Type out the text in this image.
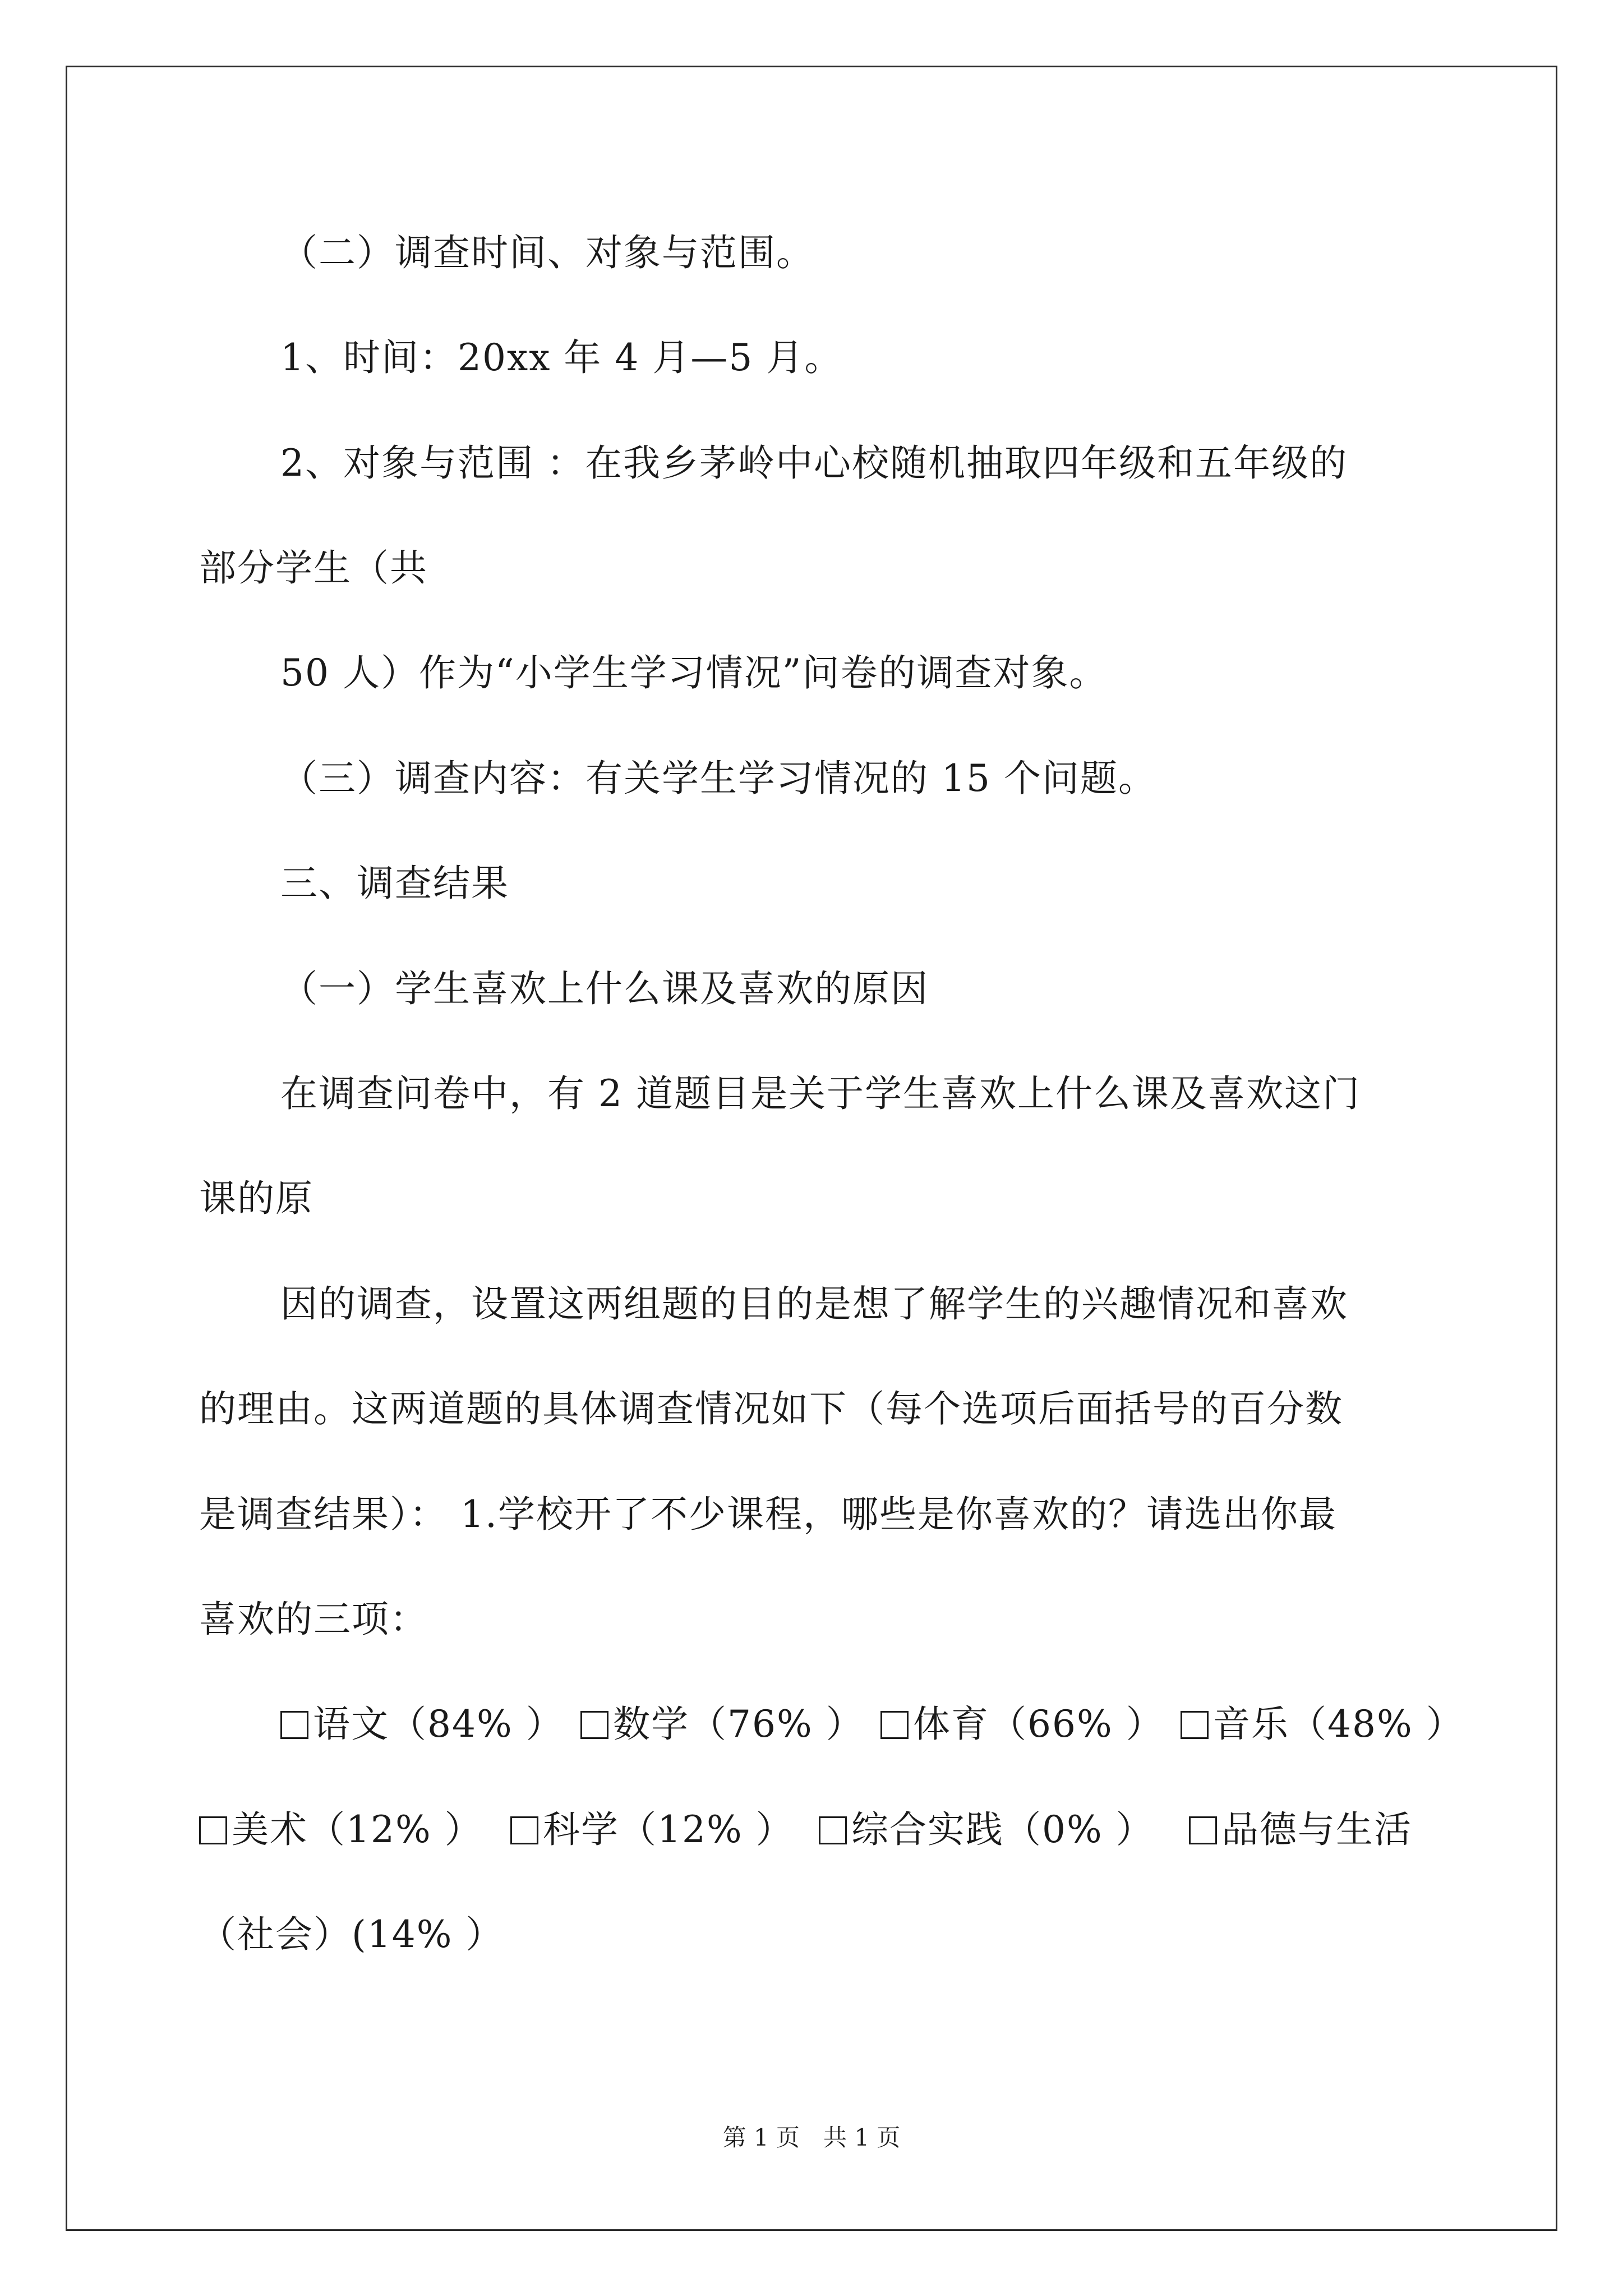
（二）调查时间、对象与范围。
1、时间：20xx 年 4 月—5 月。
2、对象与范围 ：在我乡茅岭中心校随机抽取四年级和五年级的
部分学生（共
50 人）作为“小学生学习情况”问卷的调查对象。
（三）调查内容：有关学生学习情况的 15 个问题。
三、调查结果
（一）学生喜欢上什么课及喜欢的原因
在调查问卷中，有 2 道题目是关于学生喜欢上什么课及喜欢这门
课的原
因的调查，设置这两组题的目的是想了解学生的兴趣情况和喜欢
的理由。这两道题的具体调查情况如下（每个选项后面括号的百分数
是调查结果）： 1.学校开了不少课程，哪些是你喜欢的？请选出你最
喜欢的三项：
语文（84% ）	数学（76% ）	体育（66% ）	音乐（48% ）
美术（12% ）	科学（12% ）	综合实践（0% ）	品德与生活
（社会）(14% ）
第 1 页　共 1 页
